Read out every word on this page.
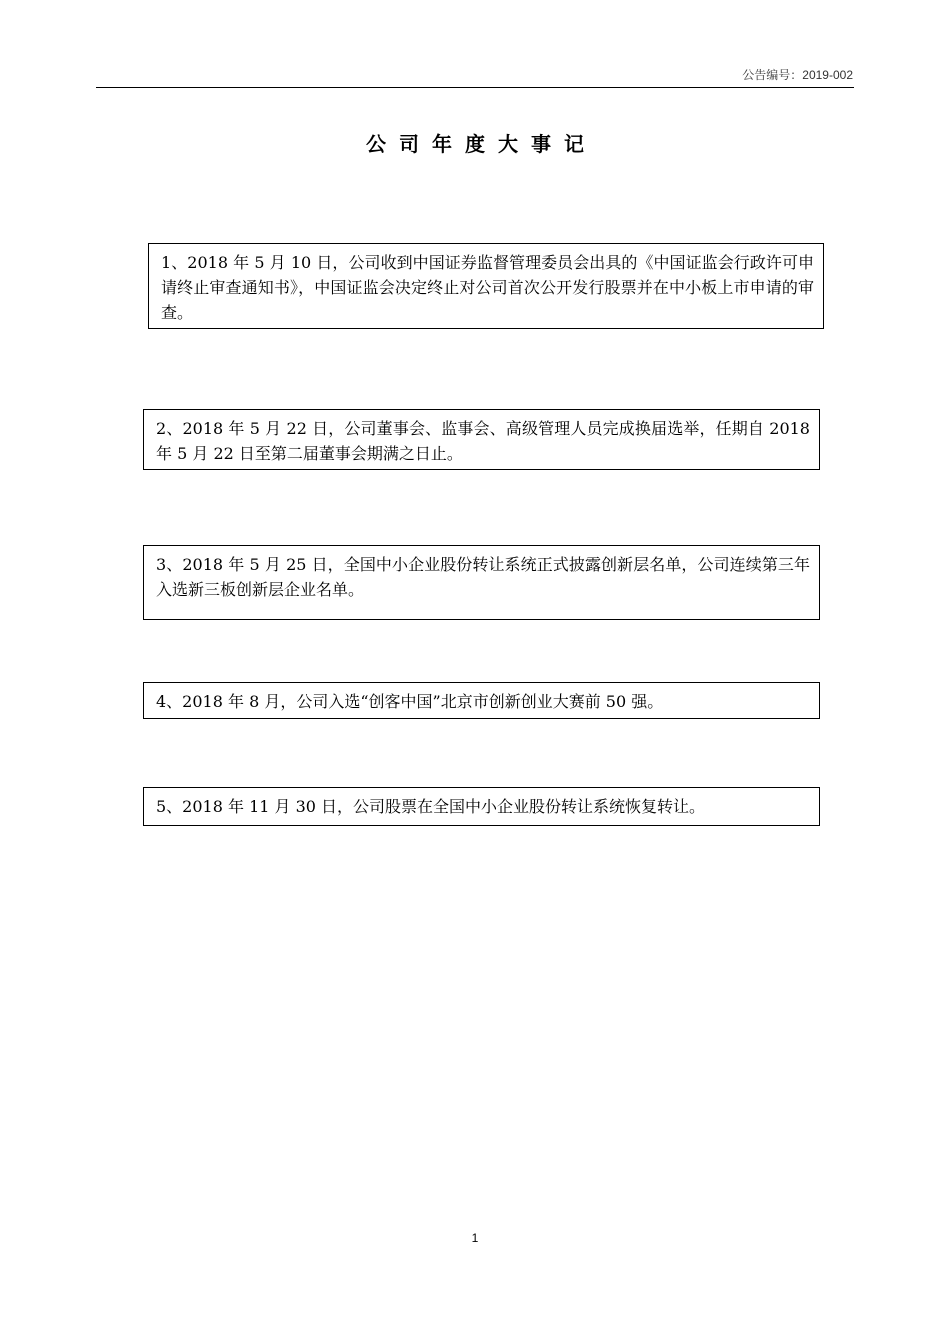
公告编号：2019-002
公司年度大事记
1、2018 年 5 月 10 日，公司收到中国证券监督管理委员会出具的《中国证监会行政许可申请终止审查通知书》，中国证监会决定终止对公司首次公开发行股票并在中小板上市申请的审查。
2、2018 年 5 月 22 日，公司董事会、监事会、高级管理人员完成换届选举，任期自 2018 年 5 月 22 日至第二届董事会期满之日止。
3、2018 年 5 月 25 日，全国中小企业股份转让系统正式披露创新层名单，公司连续第三年入选新三板创新层企业名单。
4、2018 年 8 月，公司入选“创客中国”北京市创新创业大赛前 50 强。
5、2018 年 11 月 30 日，公司股票在全国中小企业股份转让系统恢复转让。
1
